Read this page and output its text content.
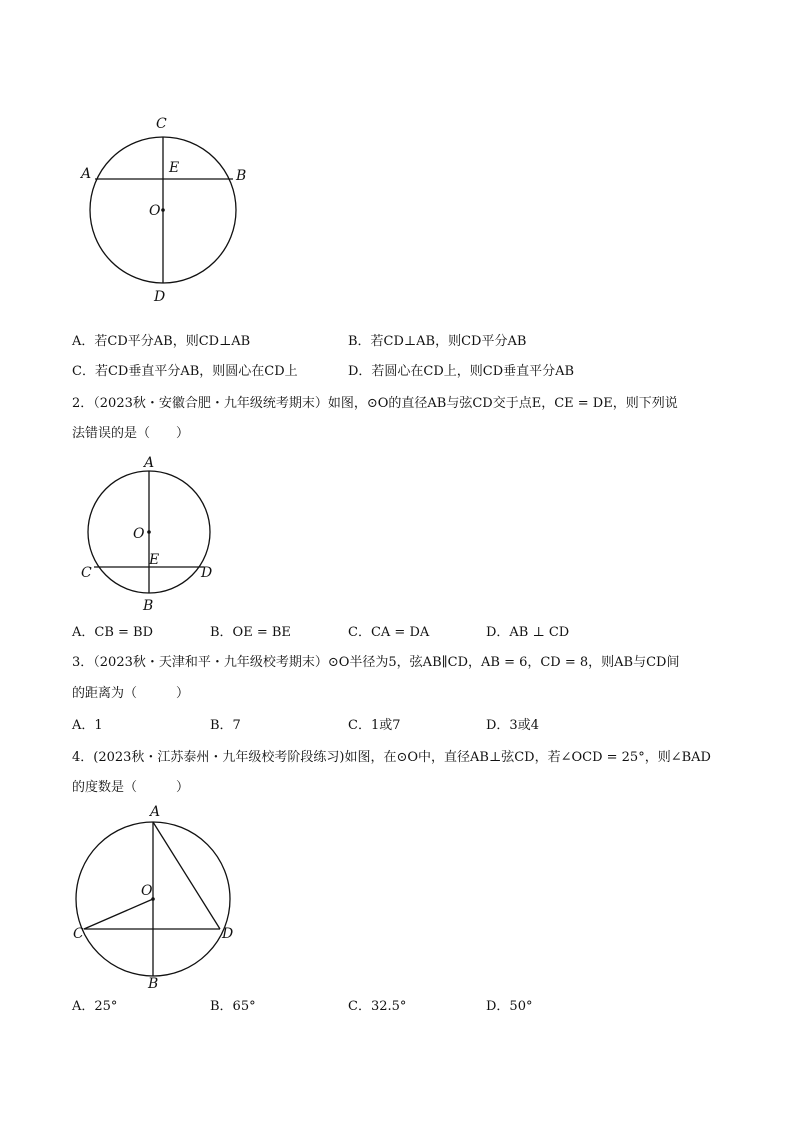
C
A	E	B
O
D
A．若CD平分AB，则CD⊥AB	B．若CD⊥AB，则CD平分AB
C．若CD垂直平分AB，则圆心在CD上	D．若圆心在CD上，则CD垂直平分AB
2．（2023秋・安徽合肥・九年级统考期末）如图，⊙O的直径AB与弦CD交于点E，CE = DE，则下列说
法错误的是（　　）
A
O
E
C	D
B
A．CB = BD	B．OE = BE	C．CA = DA	D．AB ⊥ CD
3．（2023秋・天津和平・九年级校考期末）⊙O半径为5，弦AB∥CD，AB = 6，CD = 8，则AB与CD间
的距离为（　　　）
A．1	B．7	C．1或7	D．3或4
4．(2023秋・江苏泰州・九年级校考阶段练习)如图，在⊙O中，直径AB⊥弦CD，若∠OCD = 25°，则∠BAD
的度数是（　　　）
A
O
C	D
B
A．25°	B．65°	C．32.5°	D．50°
